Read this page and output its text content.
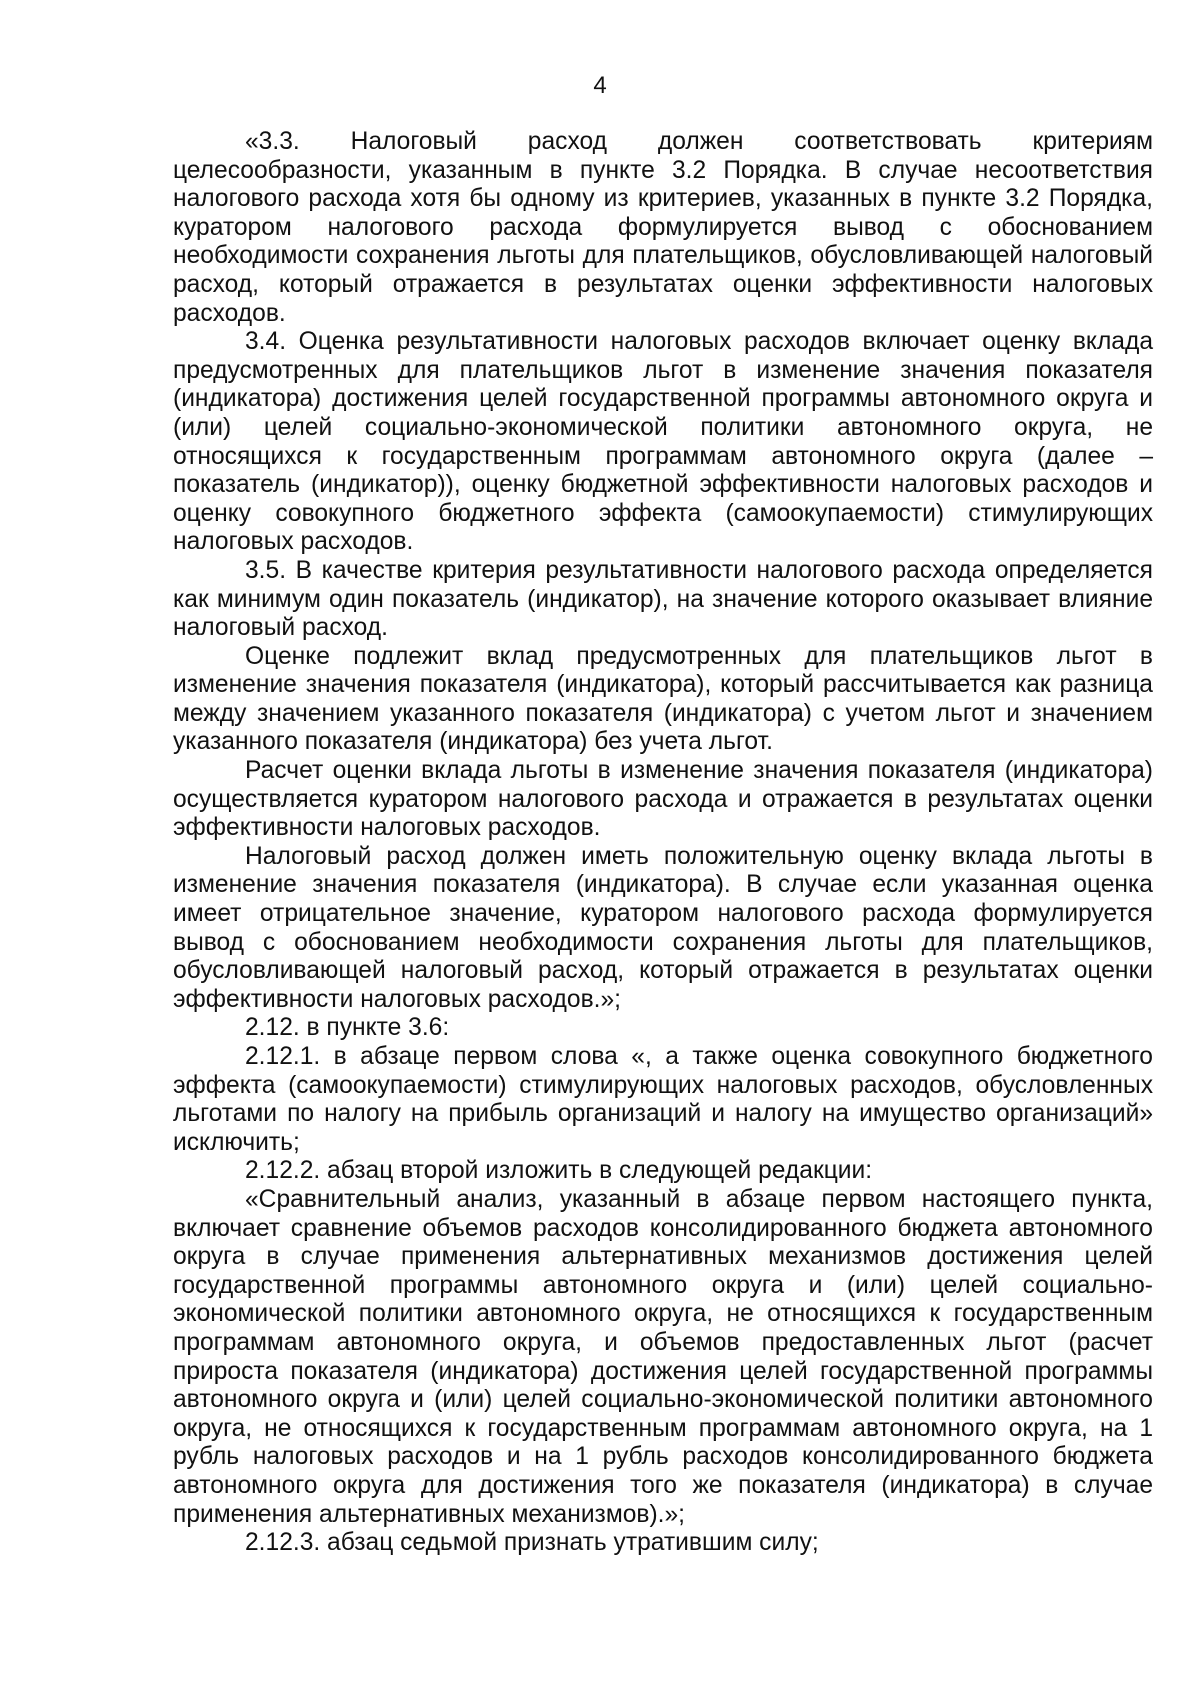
4

«3.3. Налоговый расход должен соответствовать критериям целесообразности, указанным в пункте 3.2 Порядка. В случае несоответствия налогового расхода хотя бы одному из критериев, указанных в пункте 3.2 Порядка, куратором налогового расхода формулируется вывод с обоснованием необходимости сохранения льготы для плательщиков, обусловливающей налоговый расход, который отражается в результатах оценки эффективности налоговых расходов.

3.4. Оценка результативности налоговых расходов включает оценку вклада предусмотренных для плательщиков льгот в изменение значения показателя (индикатора) достижения целей государственной программы автономного округа и (или) целей социально-экономической политики автономного округа, не относящихся к государственным программам автономного округа (далее – показатель (индикатор)), оценку бюджетной эффективности налоговых расходов и оценку совокупного бюджетного эффекта (самоокупаемости) стимулирующих налоговых расходов.

3.5. В качестве критерия результативности налогового расхода определяется как минимум один показатель (индикатор), на значение которого оказывает влияние налоговый расход.

Оценке подлежит вклад предусмотренных для плательщиков льгот в изменение значения показателя (индикатора), который рассчитывается как разница между значением указанного показателя (индикатора) с учетом льгот и значением указанного показателя (индикатора) без учета льгот.

Расчет оценки вклада льготы в изменение значения показателя (индикатора) осуществляется куратором налогового расхода и отражается в результатах оценки эффективности налоговых расходов.

Налоговый расход должен иметь положительную оценку вклада льготы в изменение значения показателя (индикатора). В случае если указанная оценка имеет отрицательное значение, куратором налогового расхода формулируется вывод с обоснованием необходимости сохранения льготы для плательщиков, обусловливающей налоговый расход, который отражается в результатах оценки эффективности налоговых расходов.»;

2.12. в пункте 3.6:

2.12.1. в абзаце первом слова «, а также оценка совокупного бюджетного эффекта (самоокупаемости) стимулирующих налоговых расходов, обусловленных льготами по налогу на прибыль организаций и налогу на имущество организаций» исключить;

2.12.2. абзац второй изложить в следующей редакции:

«Сравнительный анализ, указанный в абзаце первом настоящего пункта, включает сравнение объемов расходов консолидированного бюджета автономного округа в случае применения альтернативных механизмов достижения целей государственной программы автономного округа и (или) целей социально-экономической политики автономного округа, не относящихся к государственным программам автономного округа, и объемов предоставленных льгот (расчет прироста показателя (индикатора) достижения целей государственной программы автономного округа и (или) целей социально-экономической политики автономного округа, не относящихся к государственным программам автономного округа, на 1 рубль налоговых расходов и на 1 рубль расходов консолидированного бюджета автономного округа для достижения того же показателя (индикатора) в случае применения альтернативных механизмов).»;

2.12.3. абзац седьмой признать утратившим силу;
